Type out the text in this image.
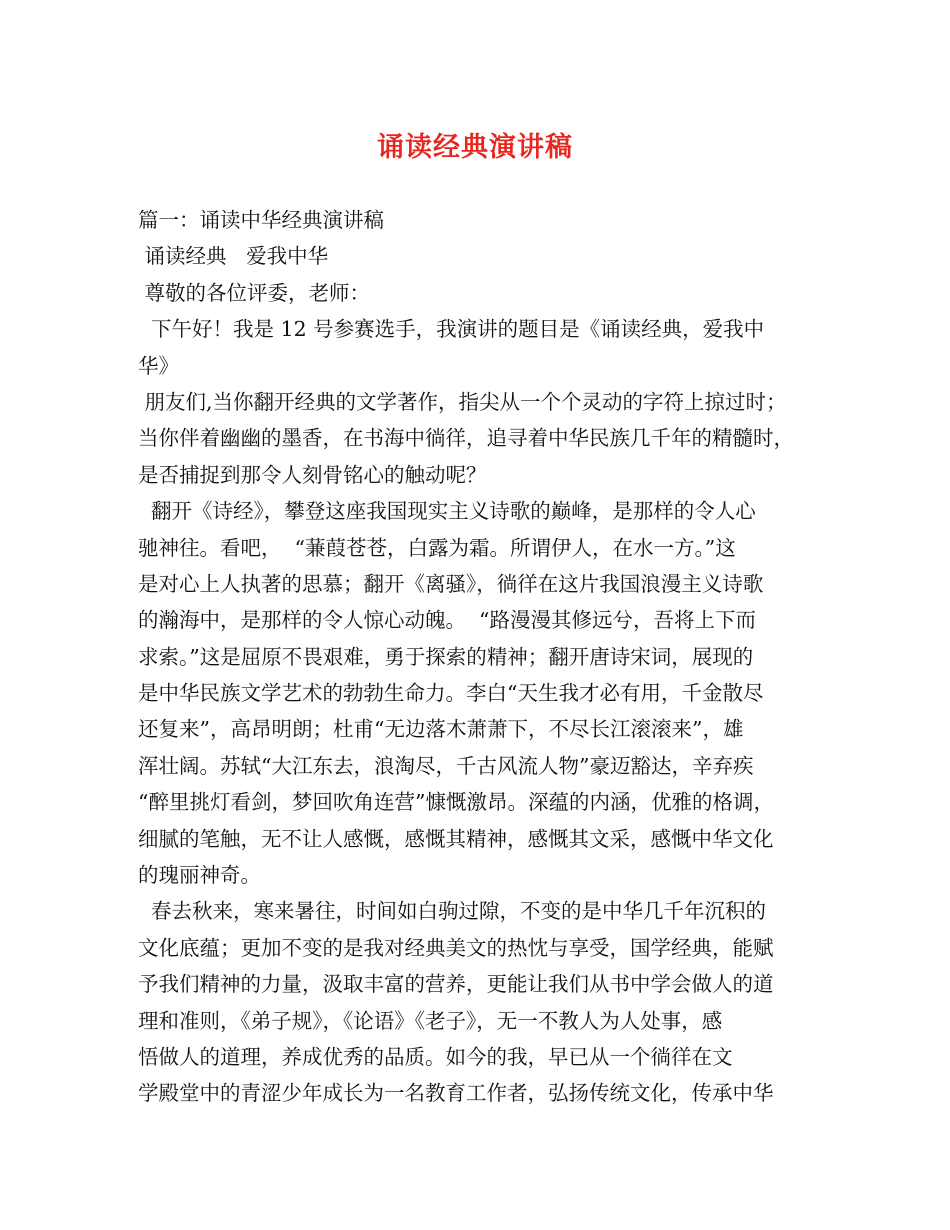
诵读经典演讲稿
篇一：诵读中华经典演讲稿
诵读经典   爱我中华
尊敬的各位评委，老师：
下午好！我是 12 号参赛选手，我演讲的题目是《诵读经典，爱我中
华》
朋友们,当你翻开经典的文学著作，指尖从一个个灵动的字符上掠过时；
当你伴着幽幽的墨香，在书海中徜徉，追寻着中华民族几千年的精髓时，
是否捕捉到那令人刻骨铭心的触动呢？
翻开《诗经》，攀登这座我国现实主义诗歌的巅峰，是那样的令人心
驰神往。看吧，  “蒹葭苍苍，白露为霜。所谓伊人，在水一方。”这
是对心上人执著的思慕；翻开《离骚》，徜徉在这片我国浪漫主义诗歌
的瀚海中，是那样的令人惊心动魄。  “路漫漫其修远兮，吾将上下而
求索。”这是屈原不畏艰难，勇于探索的精神；翻开唐诗宋词，展现的
是中华民族文学艺术的勃勃生命力。李白“天生我才必有用，千金散尽
还复来”，高昂明朗；杜甫“无边落木萧萧下，不尽长江滚滚来”，雄
浑壮阔。苏轼“大江东去，浪淘尽，千古风流人物”豪迈豁达，辛弃疾
“醉里挑灯看剑，梦回吹角连营”慷慨激昂。深蕴的内涵，优雅的格调，
细腻的笔触，无不让人感慨，感慨其精神，感慨其文采，感慨中华文化
的瑰丽神奇。
春去秋来，寒来暑往，时间如白驹过隙，不变的是中华几千年沉积的
文化底蕴；更加不变的是我对经典美文的热忱与享受，国学经典，能赋
予我们精神的力量，汲取丰富的营养，更能让我们从书中学会做人的道
理和准则，《弟子规》，《论语》《老子》，无一不教人为人处事，感
悟做人的道理，养成优秀的品质。如今的我，早已从一个徜徉在文
学殿堂中的青涩少年成长为一名教育工作者，弘扬传统文化，传承中华
